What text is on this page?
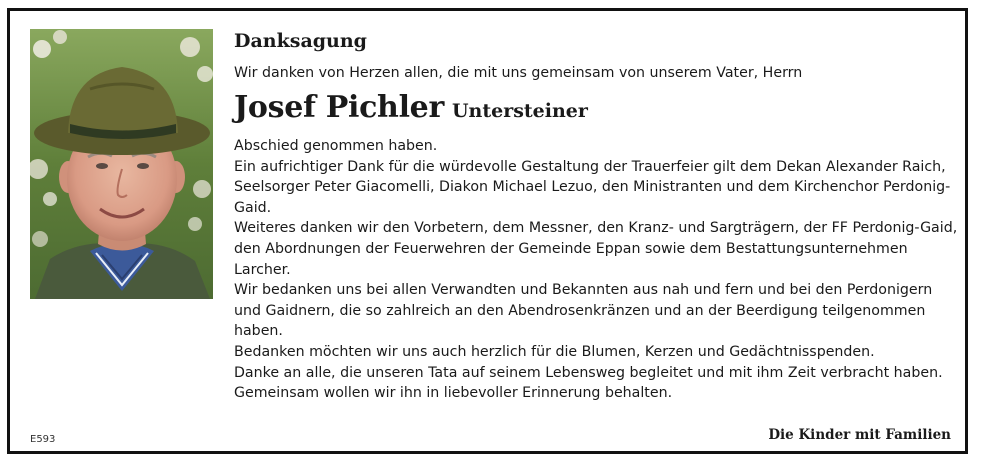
Danksagung

Wir danken von Herzen allen, die mit uns gemeinsam von unserem Vater, Herrn

Josef Pichler Untersteiner

Abschied genommen haben.

Ein aufrichtiger Dank für die würdevolle Gestaltung der Trauerfeier gilt dem Dekan Alexander Raich, Seelsorger Peter Giacomelli, Diakon Michael Lezuo, den Ministranten und dem Kirchenchor Perdonig-Gaid.

Weiteres danken wir den Vorbetern, dem Messner, den Kranz- und Sargträgern, der FF Perdonig-Gaid, den Abordnungen der Feuerwehren der Gemeinde Eppan sowie dem Bestattungsunternehmen Larcher.

Wir bedanken uns bei allen Verwandten und Bekannten aus nah und fern und bei den Perdonigern und Gaidnern, die so zahlreich an den Abendrosenkränzen und an der Beerdigung teilgenommen haben.

Bedanken möchten wir uns auch herzlich für die Blumen, Kerzen und Gedächtnisspenden.

Danke an alle, die unseren Tata auf seinem Lebensweg begleitet und mit ihm Zeit verbracht haben. Gemeinsam wollen wir ihn in liebevoller Erinnerung behalten.

E593	Die Kinder mit Familien
